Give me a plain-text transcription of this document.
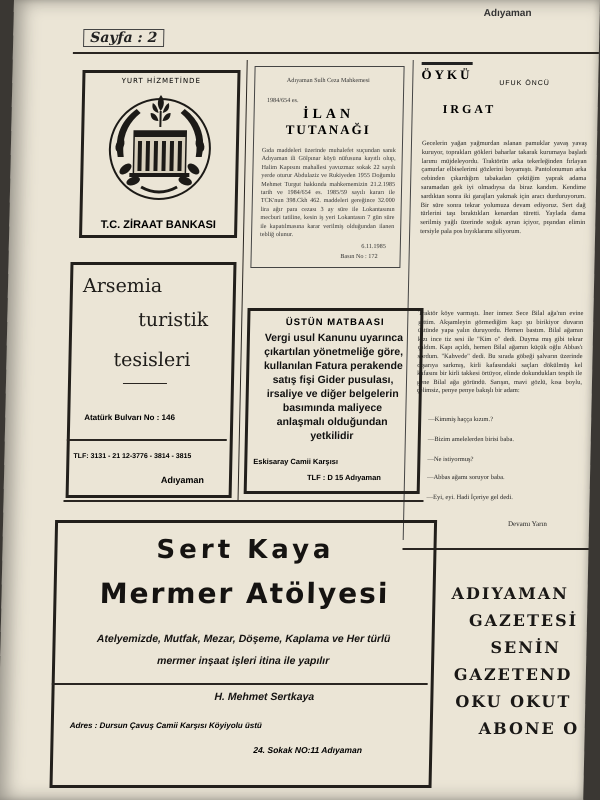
Sayfa : 2
Adıyaman
YURT HİZMETİNDE
T.C. ZİRAAT BANKASI
Adıyaman Sulh Ceza Mahkemesi
1984/654 es.
İLAN
TUTANAĞI
Gıda maddeleri üzerinde muhalefet suçundan sanık Adıyaman ili Gölpınar köyü nüfusuna kayıtlı olup, Halim Kapısını mahallesi yavuzmaz sokak 22 sayılı yerde oturur Abdulaziz ve Rukiyeden 1955 Doğumlu Mehmet Turgut hakkında mahkememizin 21.2.1985 tarih ve 1984/654 es. 1985/59 sayılı kararı ile TCK'nun 398.Ckh 462. maddeleri gereğince 32.000 lira ağır para cezası 3 ay süre ile Lokantasının mecburi tatiline, kesin iş yeri Lokantasın 7 gün süre ile kapatılmasına karar verilmiş olduğundan ilanen tebliğ olunur.
6.11.1985
Basın No : 172
ÖYKÜ
UFUK ÖNCÜ
IRGAT
Gecelerin yağan yağmurdan ıslanan pamuklar yavaş yavaş kuruyor, toprakları gökleri baharlar takarak kurumaya başladı larımı müjdeleyordu. Traktörün arka tekerleğinden fırlayan çamurlar elbiselerimi gözlerini boyamıştı. Pantolonumun arka cebinden çıkardığım tabakadan çektiğim yaprak adama saramadan gek iyi olmadıysa da biraz kandım. Kendime sardıktan sonra iki garajları yakmak için aracı durduruyorum. Bir süre sonra tekrar yolumuza devam ediyoruz. Sert dağ türlerini taşı bıraktıkları kenardan türetti. Yaylada dama serilmiş yağlı üzerinde soğuk ayran içiyor, pışından elimin tersiyle pala pos bıyıklarımı siliyorum.
Traktör köye varmıştı. İner inmez Sece Bilal ağa'nın evine gittim. Akşamleyin görmediğim kaçı şu birikiyor duvarın üstünde yapa yalın duruyordu. Hemen bastım. Bilal ağamın kızı ince tiz sesi ile "Kim o" dedi. Duyma mış gibi tekrar çaldım. Kapı açıldı, hemen Bilal ağamın küçük oğlu Abbas'ı sordum. "Kahvede" dedi. Bu sırada göbeği şalvarın üzerinde dışarıya sarkmış, kirli kafasındaki saçları dökülmüş kel kafasını bir kirli takkesi örtüyor, elinde dokundukları tespih ile gene Bilal ağa göründü. Sarışın, mavi gözlü, kısa boylu, çelimsiz, penye penye bakışlı bir adam:
—Kimmiş haçça kızım.?
—Bizim amelelerden birisi baba.
—Ne istiyormuş?
—Abbas ağamı soruyor baba.
—Eyi, eyi. Hadi İçeriye gel dedi.
Devamı Yarın
Arsemia
turistik
tesisleri
Atatürk Bulvarı No : 146
TLF: 3131 - 21 12-3776 - 3814 - 3815
Adıyaman
ÜSTÜN MATBAASI
Vergi usul Kanunu uyarınca
çıkartılan yönetmeliğe göre,
kullanılan Fatura perakende
satış fişi Gider pusulası,
irsaliye ve diğer belgelerin
basımında maliyece
anlaşmalı olduğundan
yetkilidir
Eskisaray Camii Karşısı
TLF : D 15 Adıyaman
Sert Kaya
Mermer Atölyesi
Atelyemizde, Mutfak, Mezar, Döşeme, Kaplama ve Her türlü
mermer inşaat işleri itina ile yapılır
H. Mehmet Sertkaya
Adres : Dursun Çavuş Camii Karşısı Köyiyolu üstü
24. Sokak NO:11 Adıyaman
ADIYAMAN
GAZETESİ
SENİN
GAZETEND
OKU OKUT
ABONE O
